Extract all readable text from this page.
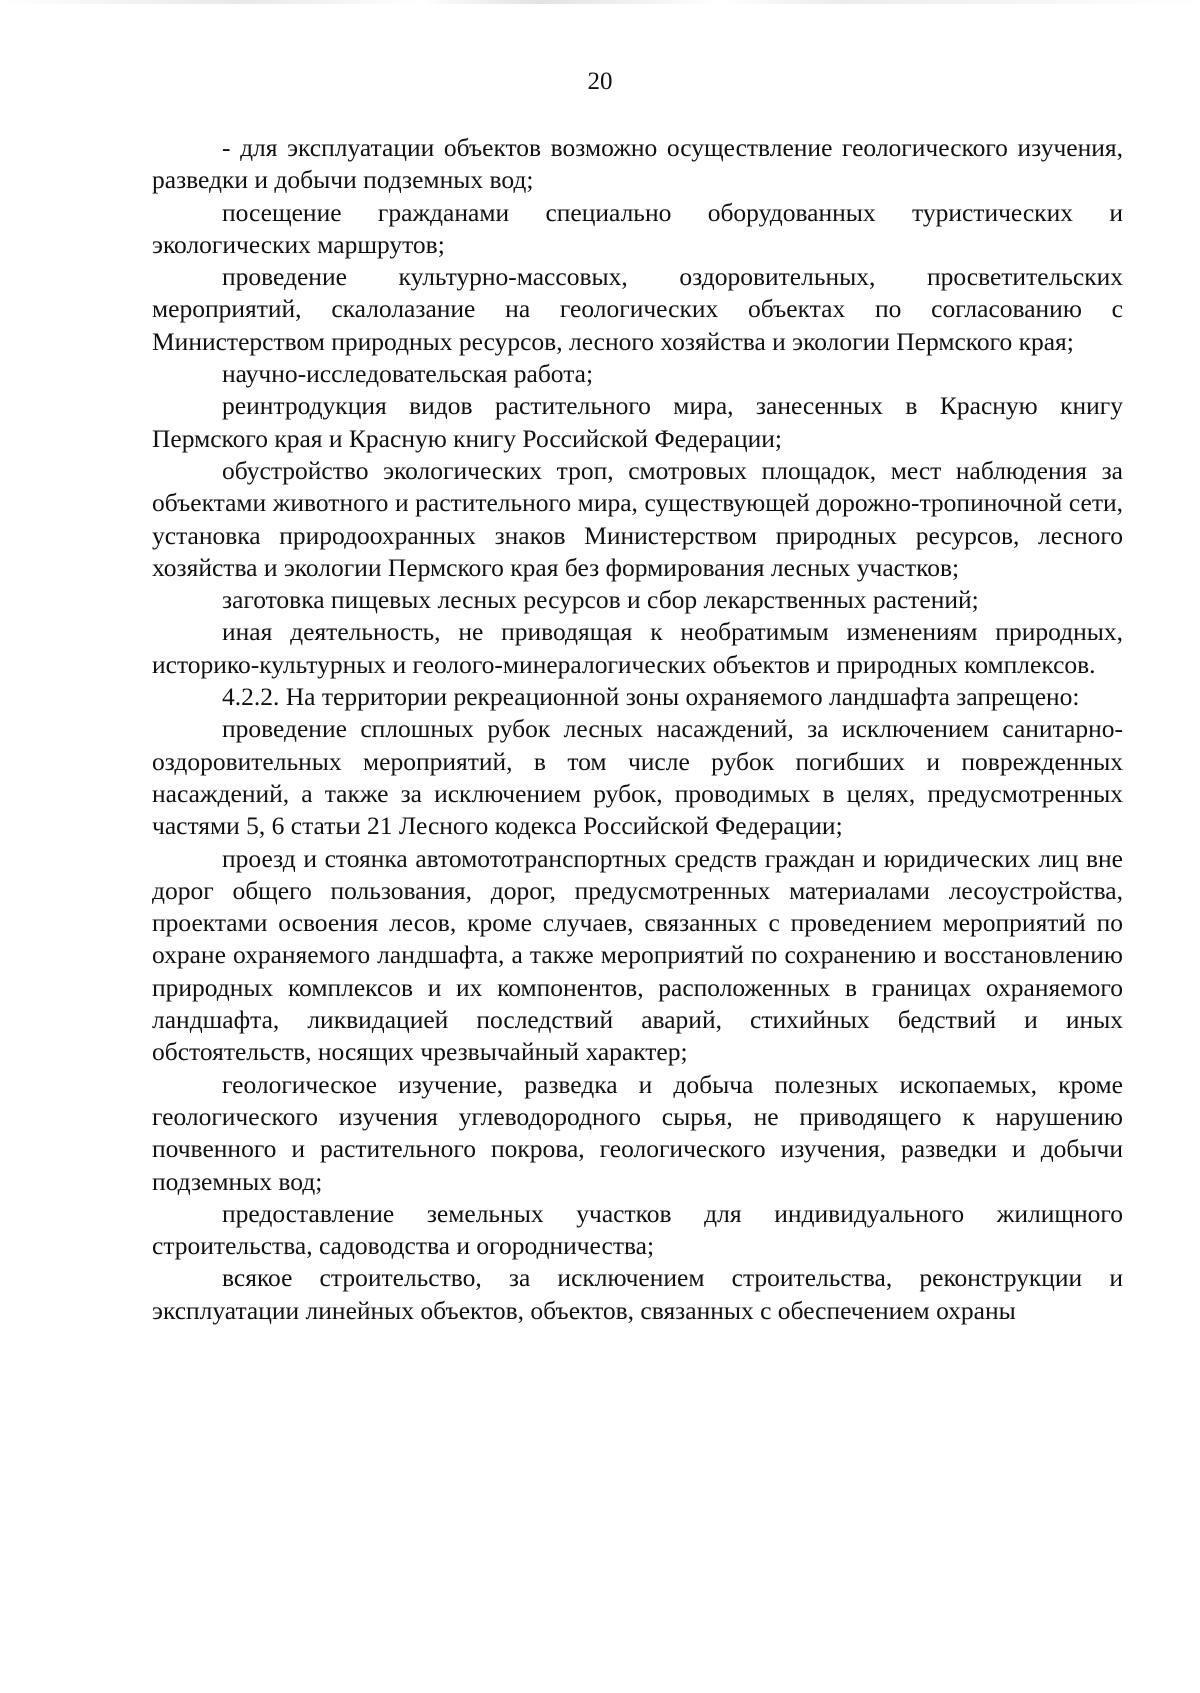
20

- для эксплуатации объектов возможно осуществление геологического изучения, разведки и добычи подземных вод;

посещение гражданами специально оборудованных туристических и экологических маршрутов;

проведение культурно-массовых, оздоровительных, просветительских мероприятий, скалолазание на геологических объектах по согласованию с Министерством природных ресурсов, лесного хозяйства и экологии Пермского края;

научно-исследовательская работа;

реинтродукция видов растительного мира, занесенных в Красную книгу Пермского края и Красную книгу Российской Федерации;

обустройство экологических троп, смотровых площадок, мест наблюдения за объектами животного и растительного мира, существующей дорожно-тропиночной сети, установка природоохранных знаков Министерством природных ресурсов, лесного хозяйства и экологии Пермского края без формирования лесных участков;

заготовка пищевых лесных ресурсов и сбор лекарственных растений;

иная деятельность, не приводящая к необратимым изменениям природных, историко-культурных и геолого-минералогических объектов и природных комплексов.

4.2.2. На территории рекреационной зоны охраняемого ландшафта запрещено:

проведение сплошных рубок лесных насаждений, за исключением санитарно-оздоровительных мероприятий, в том числе рубок погибших и поврежденных насаждений, а также за исключением рубок, проводимых в целях, предусмотренных частями 5, 6 статьи 21 Лесного кодекса Российской Федерации;

проезд и стоянка автомототранспортных средств граждан и юридических лиц вне дорог общего пользования, дорог, предусмотренных материалами лесоустройства, проектами освоения лесов, кроме случаев, связанных с проведением мероприятий по охране охраняемого ландшафта, а также мероприятий по сохранению и восстановлению природных комплексов и их компонентов, расположенных в границах охраняемого ландшафта, ликвидацией последствий аварий, стихийных бедствий и иных обстоятельств, носящих чрезвычайный характер;

геологическое изучение, разведка и добыча полезных ископаемых, кроме геологического изучения углеводородного сырья, не приводящего к нарушению почвенного и растительного покрова, геологического изучения, разведки и добычи подземных вод;

предоставление земельных участков для индивидуального жилищного строительства, садоводства и огородничества;

всякое строительство, за исключением строительства, реконструкции и эксплуатации линейных объектов, объектов, связанных с обеспечением охраны
